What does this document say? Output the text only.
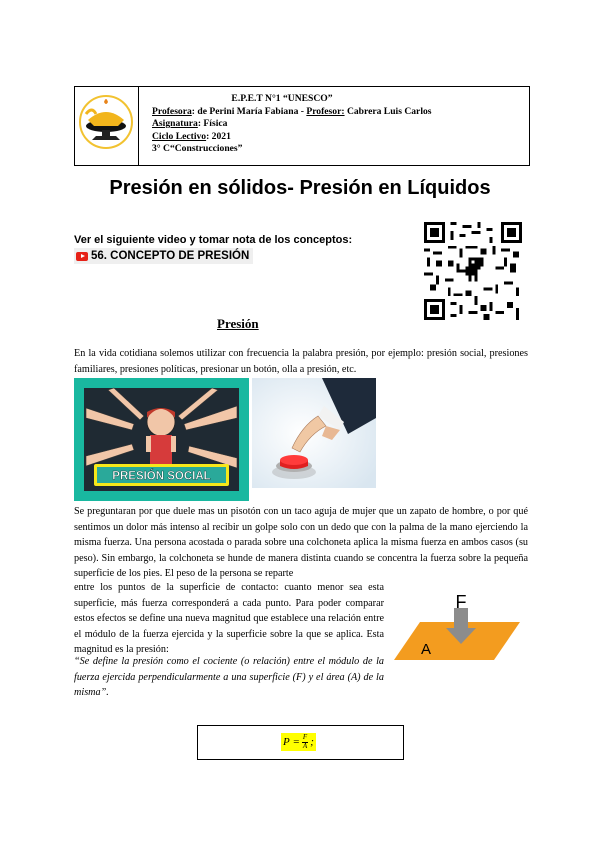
E.P.E.T N°1 “UNESCO”
Profesora: de Perini María Fabiana - Profesor: Cabrera Luis Carlos
Asignatura: Física
Ciclo Lectivo: 2021
3° C“Construcciones”
Presión en sólidos- Presión en Líquidos
Ver el siguiente video y tomar nota de los conceptos:
56. CONCEPTO DE PRESIÓN
Presión
En la vida cotidiana solemos utilizar con frecuencia la palabra presión, por ejemplo: presión social, presiones familiares, presiones políticas, presionar un botón, olla a presión, etc.
PRESIÓN SOCIAL
Se preguntaran por que duele mas un pisotón con un taco aguja de mujer que un zapato de hombre, o por qué sentimos un dolor más intenso al recibir un golpe solo con un dedo que con la palma de la mano ejerciendo la misma fuerza. Una persona acostada o parada sobre una colchoneta aplica la misma fuerza en ambos casos (su peso). Sin embargo, la colchoneta se hunde de manera distinta cuando se concentra la fuerza sobre la pequeña superficie de los pies. El peso de la persona se reparte
entre los puntos de la superficie de contacto: cuanto menor sea esta superficie, más fuerza corresponderá a cada punto. Para poder comparar estos efectos se define una nueva magnitud que establece una relación entre el módulo de la fuerza ejercida y la superficie sobre la que se aplica. Esta magnitud es la presión:
“Se define la presión como el cociente (o relación) entre el módulo de la fuerza ejercida perpendicularmente a una superficie (F) y el área (A) de la misma”.
F
A
P
= $\frac{F}{A}$ ;
